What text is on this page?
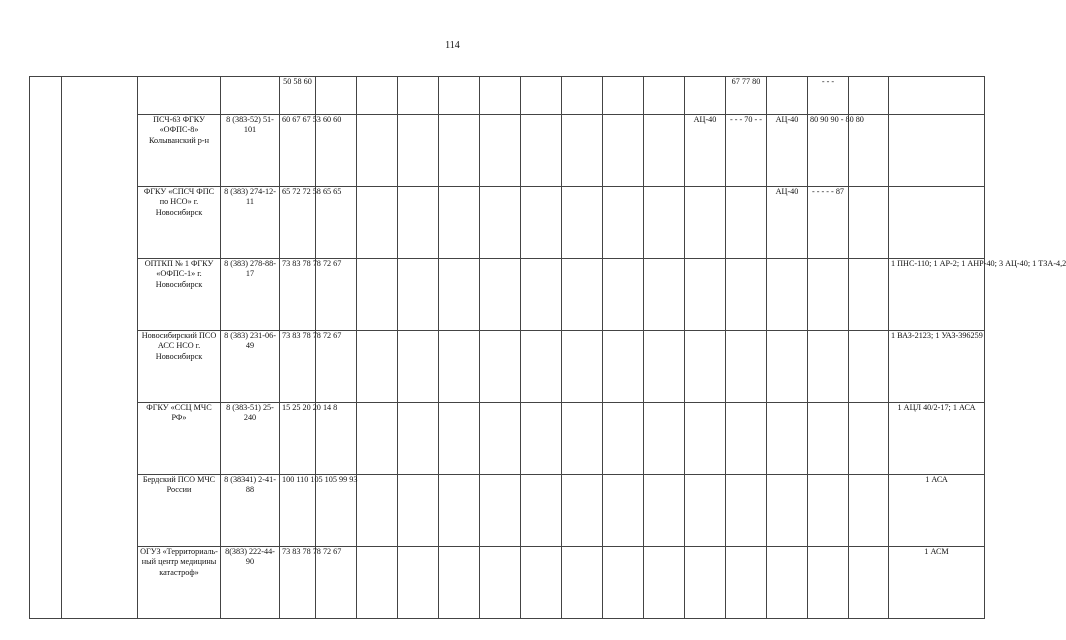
114
				50 58 60											67 77 80		- - -		
		ПСЧ-63 ФГКУ «ОФПС-8» Колыванский р-н	8 (383-52) 51-101	60 67 67 53 60 60										АЦ-40	- - - 70 - -	АЦ-40	80 90 90 - 80 80		
		ФГКУ «СПСЧ ФПС по НСО» г. Новосибирск	8 (383) 274-12-11	65 72 72 58 65 65												АЦ-40	- - - - - 87		
		ОПТКП № 1 ФГКУ «ОФПС-1» г. Новосибирск	8 (383) 278-88-17	73 83 78 78 72 67															1 ПНС-110; 1 АР-2; 1 АНР-40; 3 АЦ-40; 1 ТЗА-4,2
		Новосибирский ПСО АСС НСО г. Новосибирск	8 (383) 231-06-49	73 83 78 78 72 67															1 ВАЗ-2123; 1 УАЗ-396259
		ФГКУ «ССЦ МЧС РФ»	8 (383-51) 25-240	15 25 20 20 14 8															1 АЦЛ 40/2-17; 1 АСА
		Бердский ПСО МЧС России	8 (38341) 2-41-88	100 110 105 105 99 93															1 АСА
		ОГУЗ «Территориаль-ный центр медицины катастроф»	8(383) 222-44-90	73 83 78 78 72 67															1 АСМ
